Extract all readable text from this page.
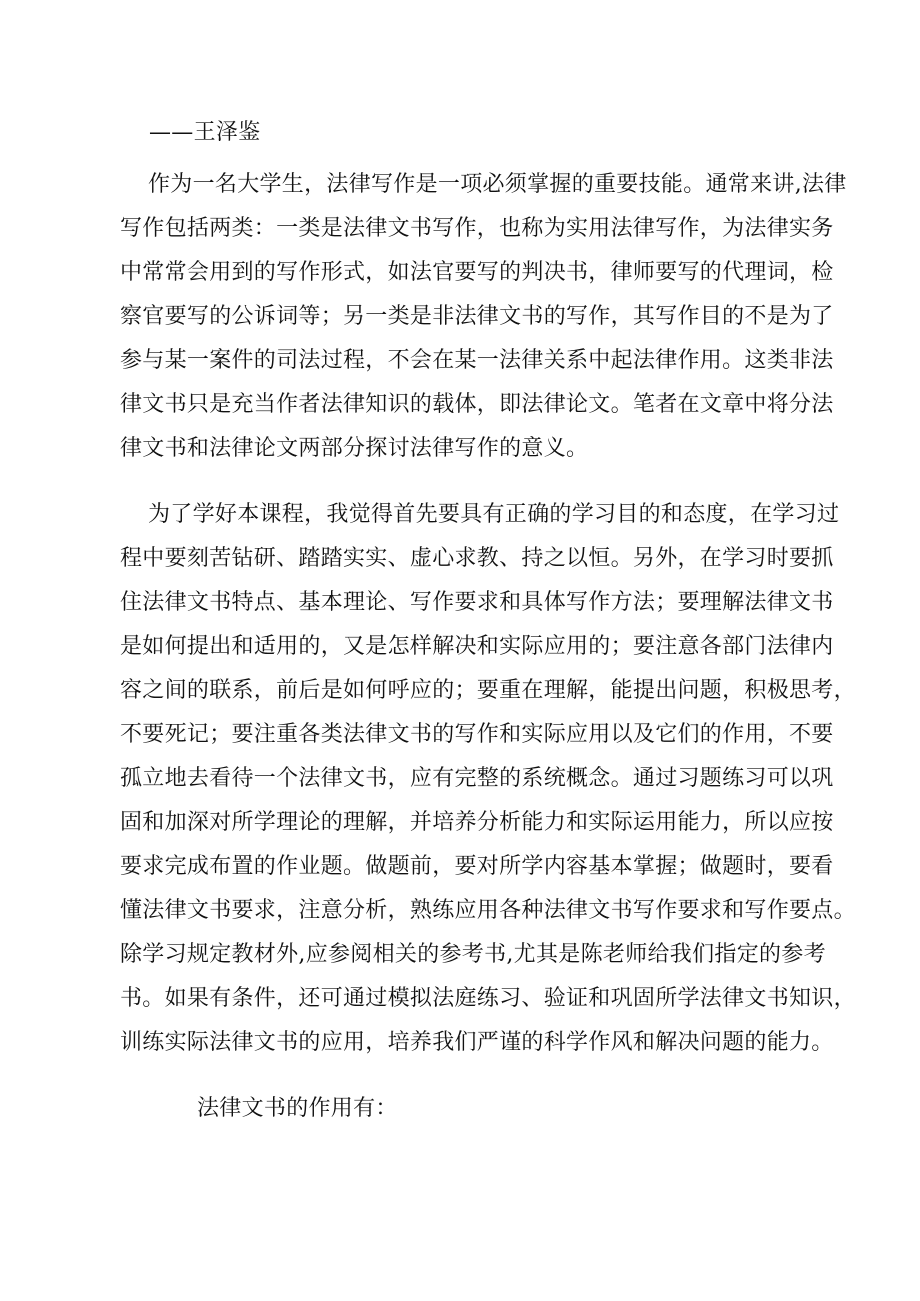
——王泽鉴
作为一名大学生，法律写作是一项必须掌握的重要技能。通常来讲,法律
写作包括两类：一类是法律文书写作，也称为实用法律写作，为法律实务
中常常会用到的写作形式，如法官要写的判决书，律师要写的代理词，检
察官要写的公诉词等；另一类是非法律文书的写作，其写作目的不是为了
参与某一案件的司法过程，不会在某一法律关系中起法律作用。这类非法
律文书只是充当作者法律知识的载体，即法律论文。笔者在文章中将分法
律文书和法律论文两部分探讨法律写作的意义。
为了学好本课程，我觉得首先要具有正确的学习目的和态度，在学习过
程中要刻苦钻研、踏踏实实、虚心求教、持之以恒。另外，在学习时要抓
住法律文书特点、基本理论、写作要求和具体写作方法；要理解法律文书
是如何提出和适用的，又是怎样解决和实际应用的；要注意各部门法律内
容之间的联系，前后是如何呼应的；要重在理解，能提出问题，积极思考，
不要死记；要注重各类法律文书的写作和实际应用以及它们的作用，不要
孤立地去看待一个法律文书，应有完整的系统概念。通过习题练习可以巩
固和加深对所学理论的理解，并培养分析能力和实际运用能力，所以应按
要求完成布置的作业题。做题前，要对所学内容基本掌握；做题时，要看
懂法律文书要求，注意分析，熟练应用各种法律文书写作要求和写作要点。
除学习规定教材外,应参阅相关的参考书,尤其是陈老师给我们指定的参考
书。如果有条件，还可通过模拟法庭练习、验证和巩固所学法律文书知识，
训练实际法律文书的应用，培养我们严谨的科学作风和解决问题的能力。
法律文书的作用有：
